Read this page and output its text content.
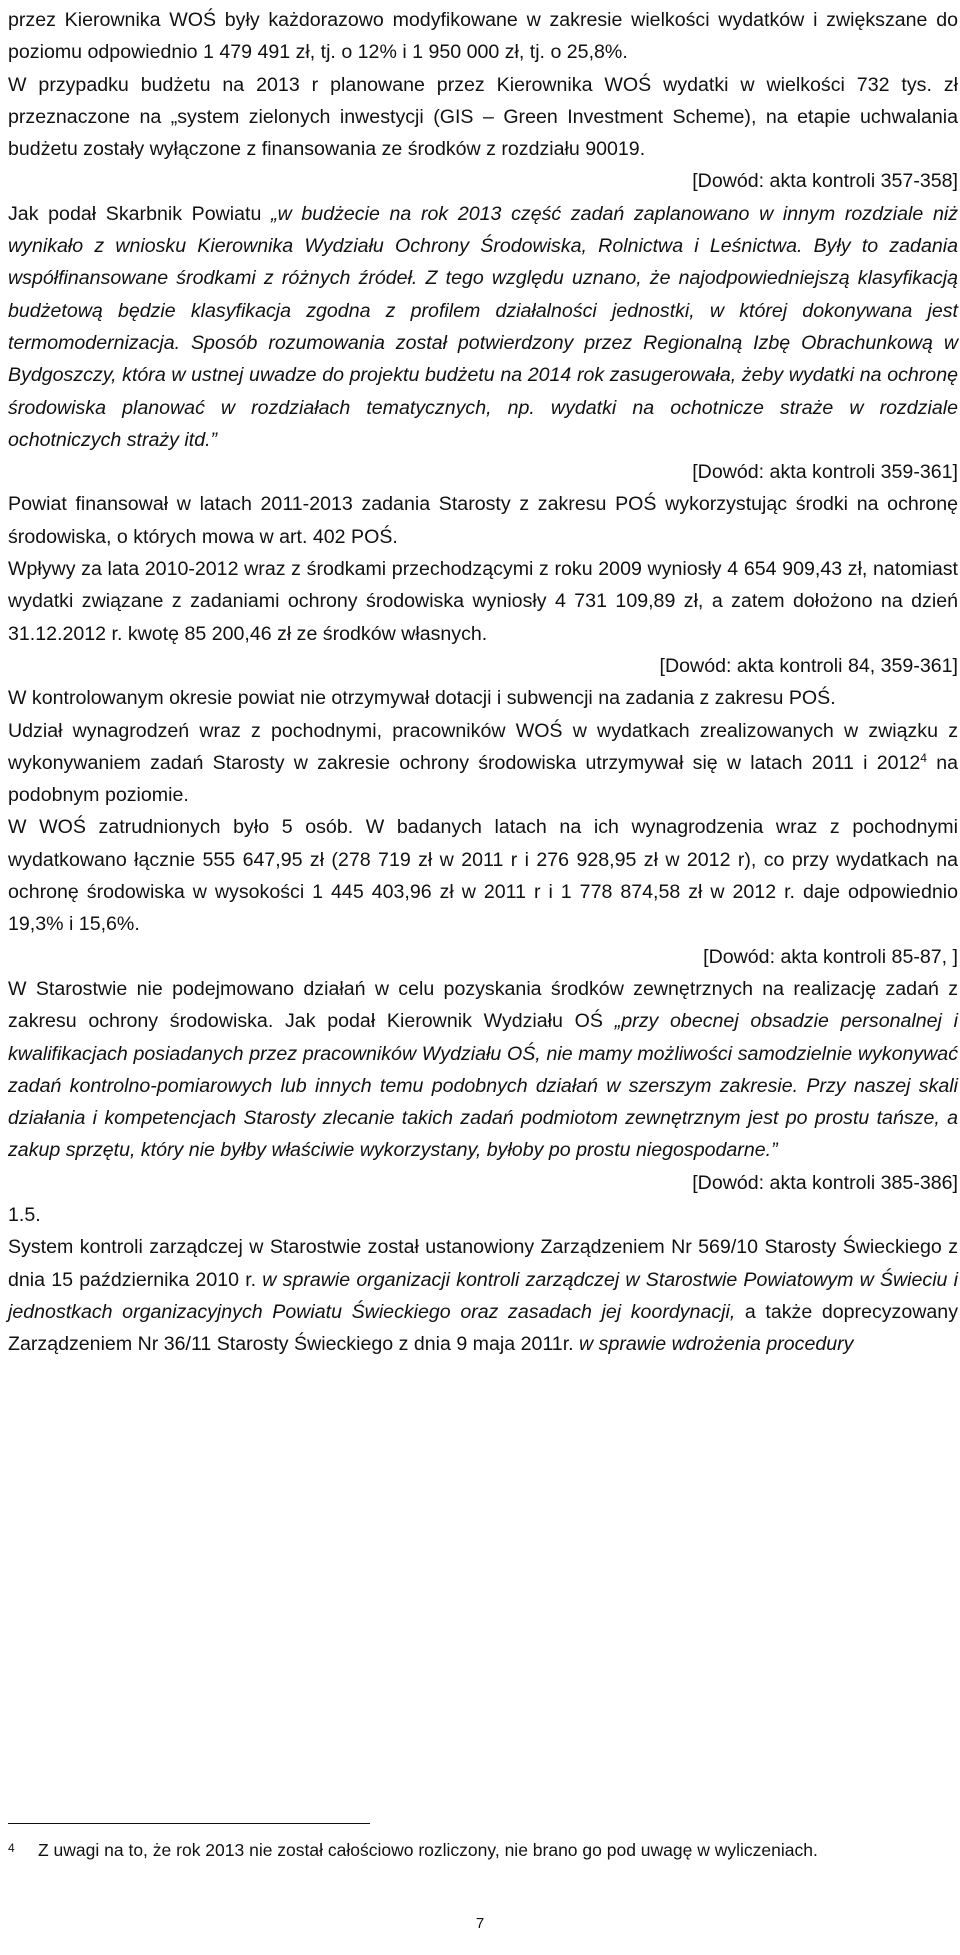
przez Kierownika WOŚ były każdorazowo modyfikowane w zakresie wielkości wydatków i zwiększane do poziomu odpowiednio 1 479 491 zł, tj. o 12% i 1 950 000 zł, tj. o 25,8%.

W przypadku budżetu na 2013 r planowane przez Kierownika WOŚ wydatki w wielkości 732 tys. zł przeznaczone na „system zielonych inwestycji (GIS – Green Investment Scheme), na etapie uchwalania budżetu zostały wyłączone z finansowania ze środków z rozdziału 90019.

[Dowód: akta kontroli 357-358]

Jak podał Skarbnik Powiatu „w budżecie na rok 2013 część zadań zaplanowano w innym rozdziale niż wynikało z wniosku Kierownika Wydziału Ochrony Środowiska, Rolnictwa i Leśnictwa. Były to zadania współfinansowane środkami z różnych źródeł. Z tego względu uznano, że najodpowiedniejszą klasyfikacją budżetową będzie klasyfikacja zgodna z profilem działalności jednostki, w której dokonywana jest termomodernizacja. Sposób rozumowania został potwierdzony przez Regionalną Izbę Obrachunkową w Bydgoszczy, która w ustnej uwadze do projektu budżetu na 2014 rok zasugerowała, żeby wydatki na ochronę środowiska planować w rozdziałach tematycznych, np. wydatki na ochotnicze straże w rozdziale ochotniczych straży itd.”

[Dowód: akta kontroli 359-361]

Powiat finansował w latach 2011-2013 zadania Starosty z zakresu POŚ wykorzystując środki na ochronę środowiska, o których mowa w art. 402 POŚ.

Wpływy za lata 2010-2012 wraz z środkami przechodzącymi z roku 2009 wyniosły 4 654 909,43 zł, natomiast wydatki związane z zadaniami ochrony środowiska wyniosły 4 731 109,89 zł, a zatem dołożono na dzień 31.12.2012 r. kwotę 85 200,46 zł ze środków własnych.

[Dowód: akta kontroli 84, 359-361]

W kontrolowanym okresie powiat nie otrzymywał dotacji i subwencji na zadania z zakresu POŚ.

Udział wynagrodzeń wraz z pochodnymi, pracowników WOŚ w wydatkach zrealizowanych w związku z wykonywaniem zadań Starosty w zakresie ochrony środowiska utrzymywał się w latach 2011 i 2012$^4$ na podobnym poziomie.

W WOŚ zatrudnionych było 5 osób. W badanych latach na ich wynagrodzenia wraz z pochodnymi wydatkowano łącznie 555 647,95 zł (278 719 zł w 2011 r i 276 928,95 zł w 2012 r), co przy wydatkach na ochronę środowiska w wysokości 1 445 403,96 zł w 2011 r i 1 778 874,58 zł w 2012 r. daje odpowiednio 19,3% i 15,6%.

[Dowód: akta kontroli 85-87, ]

W Starostwie nie podejmowano działań w celu pozyskania środków zewnętrznych na realizację zadań z zakresu ochrony środowiska. Jak podał Kierownik Wydziału OŚ „przy obecnej obsadzie personalnej i kwalifikacjach posiadanych przez pracowników Wydziału OŚ, nie mamy możliwości samodzielnie wykonywać zadań kontrolno-pomiarowych lub innych temu podobnych działań w szerszym zakresie. Przy naszej skali działania i kompetencjach Starosty zlecanie takich zadań podmiotom zewnętrznym jest po prostu tańsze, a zakup sprzętu, który nie byłby właściwie wykorzystany, byłoby po prostu niegospodarne.”

[Dowód: akta kontroli 385-386]

1.5.

System kontroli zarządczej w Starostwie został ustanowiony Zarządzeniem Nr 569/10 Starosty Świeckiego z dnia 15 października 2010 r. w sprawie organizacji kontroli zarządczej w Starostwie Powiatowym w Świeciu i jednostkach organizacyjnych Powiatu Świeckiego oraz zasadach jej koordynacji, a także doprecyzowany Zarządzeniem Nr 36/11 Starosty Świeckiego z dnia 9 maja 2011r. w sprawie wdrożenia procedury

4 Z uwagi na to, że rok 2013 nie został całościowo rozliczony, nie brano go pod uwagę w wyliczeniach.
7
